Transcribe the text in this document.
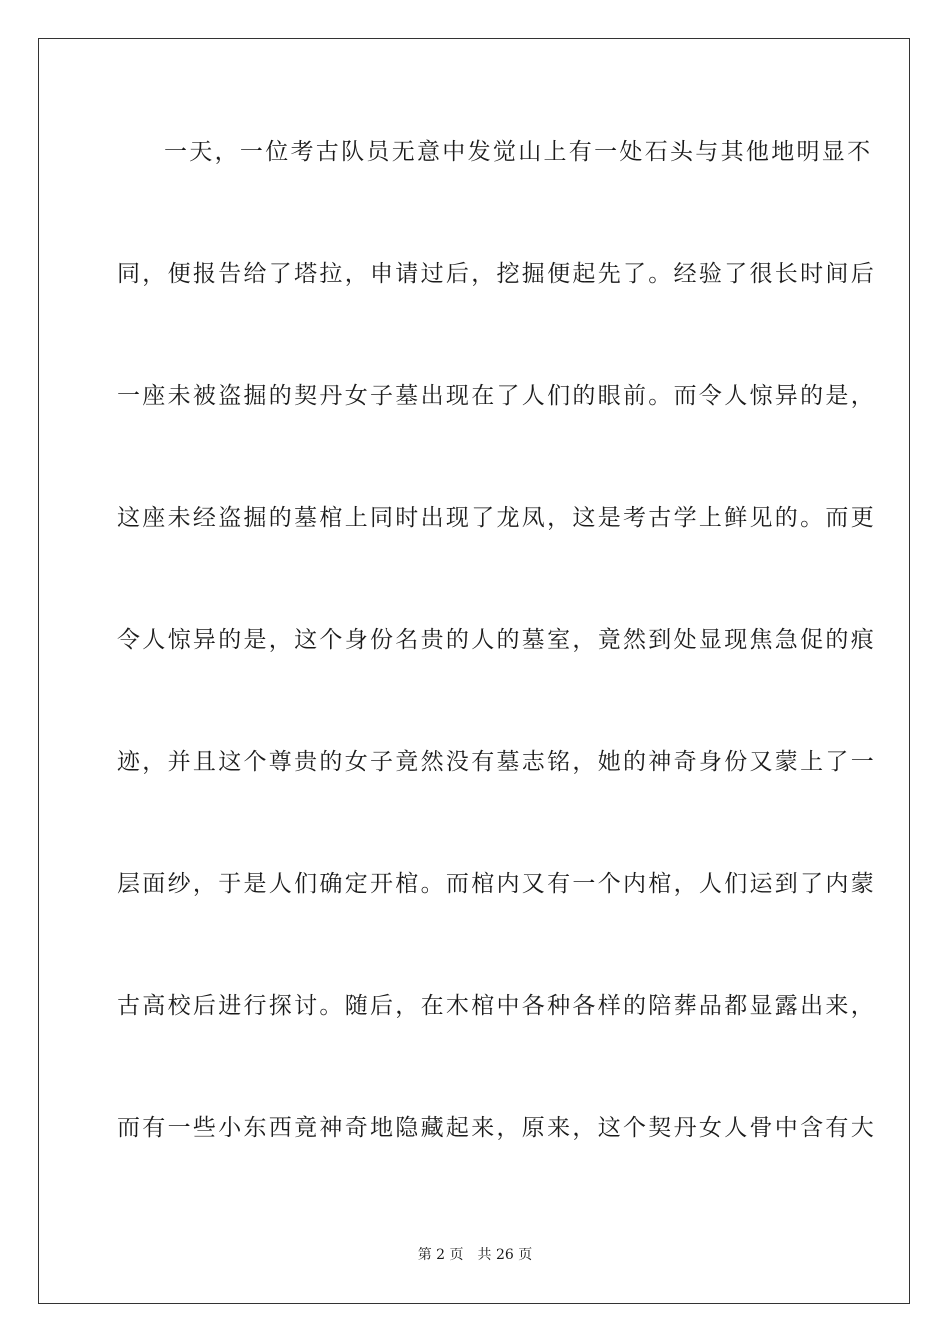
一天，一位考古队员无意中发觉山上有一处石头与其他地明显不
同，便报告给了塔拉，申请过后，挖掘便起先了。经验了很长时间后
一座未被盗掘的契丹女子墓出现在了人们的眼前。而令人惊异的是，
这座未经盗掘的墓棺上同时出现了龙凤，这是考古学上鲜见的。而更
令人惊异的是，这个身份名贵的人的墓室，竟然到处显现焦急促的痕
迹，并且这个尊贵的女子竟然没有墓志铭，她的神奇身份又蒙上了一
层面纱，于是人们确定开棺。而棺内又有一个内棺，人们运到了内蒙
古高校后进行探讨。随后，在木棺中各种各样的陪葬品都显露出来，
而有一些小东西竟神奇地隐藏起来，原来，这个契丹女人骨中含有大
第 2 页　共 26 页
